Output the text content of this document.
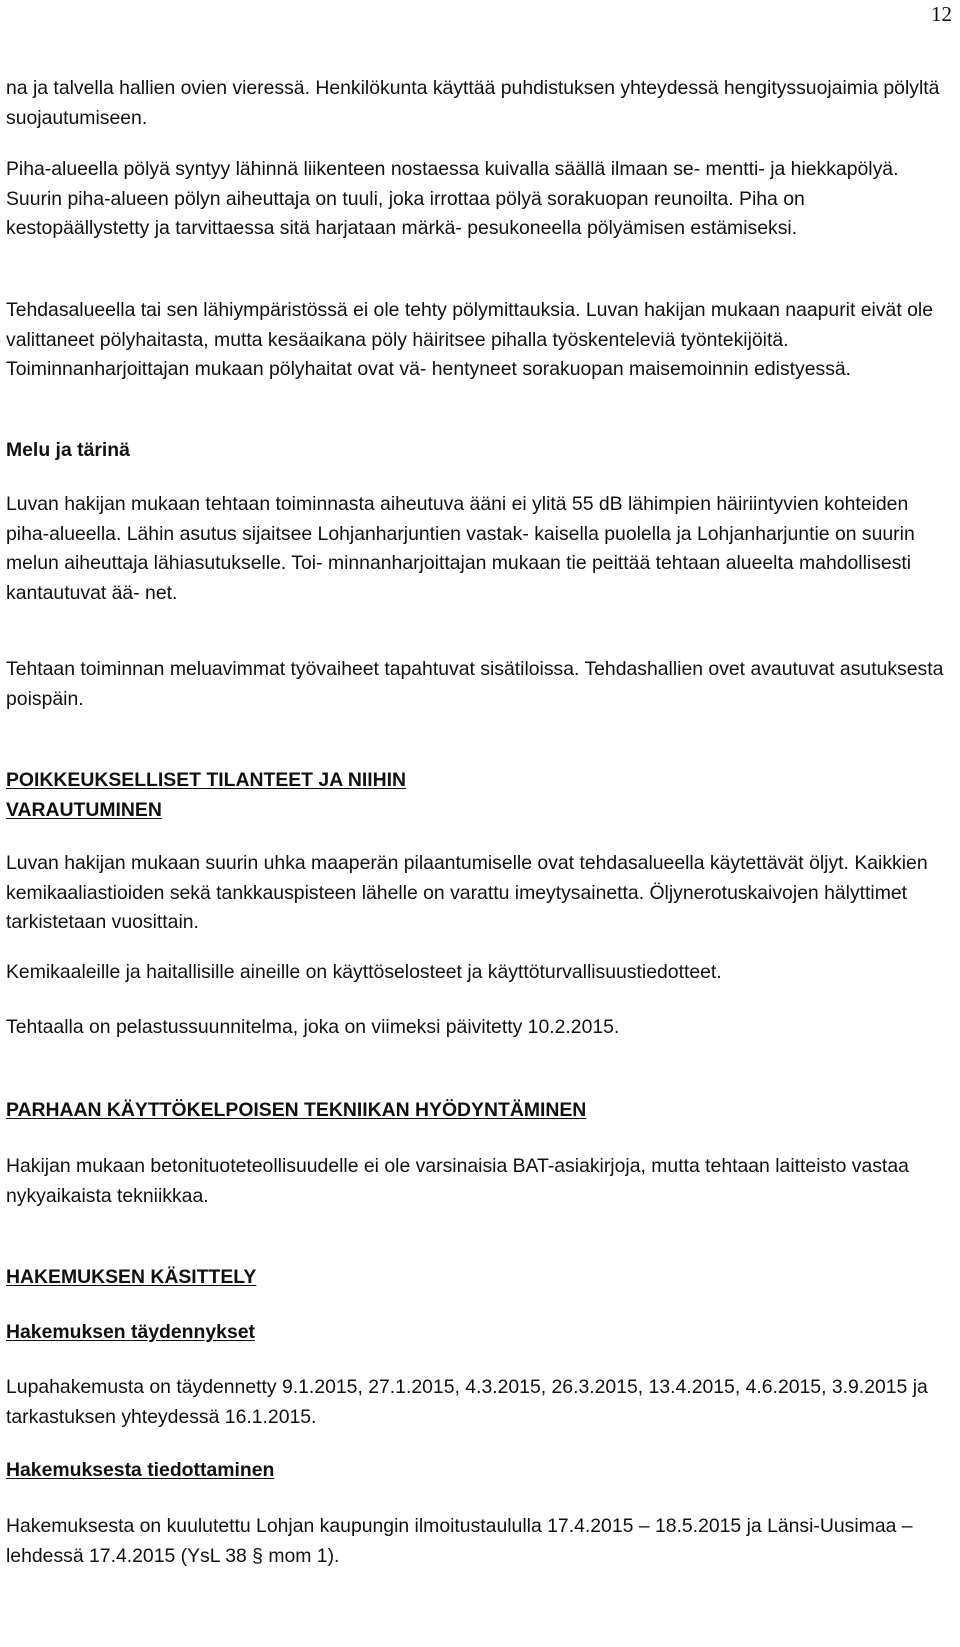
12

na ja talvella hallien ovien vieressä. Henkilökunta käyttää puhdistuksen yhteydessä hengityssuojaimia pölyltä suojautumiseen.

Piha-alueella pölyä syntyy lähinnä liikenteen nostaessa kuivalla säällä ilmaan se- mentti- ja hiekkapölyä. Suurin piha-alueen pölyn aiheuttaja on tuuli, joka irrottaa pölyä sorakuopan reunoilta. Piha on kestopäällystetty ja tarvittaessa sitä harjataan märkä- pesukoneella pölyämisen estämiseksi.

Tehdasalueella tai sen lähiympäristössä ei ole tehty pölymittauksia. Luvan hakijan mukaan naapurit eivät ole valittaneet pölyhaitasta, mutta kesäaikana pöly häiritsee pihalla työskenteleviä työntekijöitä. Toiminnanharjoittajan mukaan pölyhaitat ovat vä- hentyneet sorakuopan maisemoinnin edistyessä.

Melu ja tärinä

Luvan hakijan mukaan tehtaan toiminnasta aiheutuva ääni ei ylitä 55 dB lähimpien häiriintyvien kohteiden piha-alueella. Lähin asutus sijaitsee Lohjanharjuntien vastak- kaisella puolella ja Lohjanharjuntie on suurin melun aiheuttaja lähiasutukselle. Toi- minnanharjoittajan mukaan tie peittää tehtaan alueelta mahdollisesti kantautuvat ää- net.

Tehtaan toiminnan meluavimmat työvaiheet tapahtuvat sisätiloissa. Tehdashallien ovet avautuvat asutuksesta poispäin.

POIKKEUKSELLISET TILANTEET JA NIIHIN VARAUTUMINEN

Luvan hakijan mukaan suurin uhka maaperän pilaantumiselle ovat tehdasalueella käytettävät öljyt. Kaikkien kemikaaliastioiden sekä tankkauspisteen lähelle on varattu imeytysainetta. Öljynerotuskaivojen hälyttimet tarkistetaan vuosittain.

Kemikaaleille ja haitallisille aineille on käyttöselosteet ja käyttöturvallisuustiedotteet.

Tehtaalla on pelastussuunnitelma, joka on viimeksi päivitetty 10.2.2015.

PARHAAN KÄYTTÖKELPOISEN TEKNIIKAN HYÖDYNTÄMINEN

Hakijan mukaan betonituoteteollisuudelle ei ole varsinaisia BAT-asiakirjoja, mutta tehtaan laitteisto vastaa nykyaikaista tekniikkaa.

HAKEMUKSEN KÄSITTELY

Hakemuksen täydennykset

Lupahakemusta on täydennetty 9.1.2015, 27.1.2015, 4.3.2015, 26.3.2015, 13.4.2015, 4.6.2015, 3.9.2015 ja tarkastuksen yhteydessä 16.1.2015.

Hakemuksesta tiedottaminen

Hakemuksesta on kuulutettu Lohjan kaupungin ilmoitustaululla 17.4.2015 – 18.5.2015 ja Länsi-Uusimaa – lehdessä 17.4.2015 (YsL 38 § mom 1).
